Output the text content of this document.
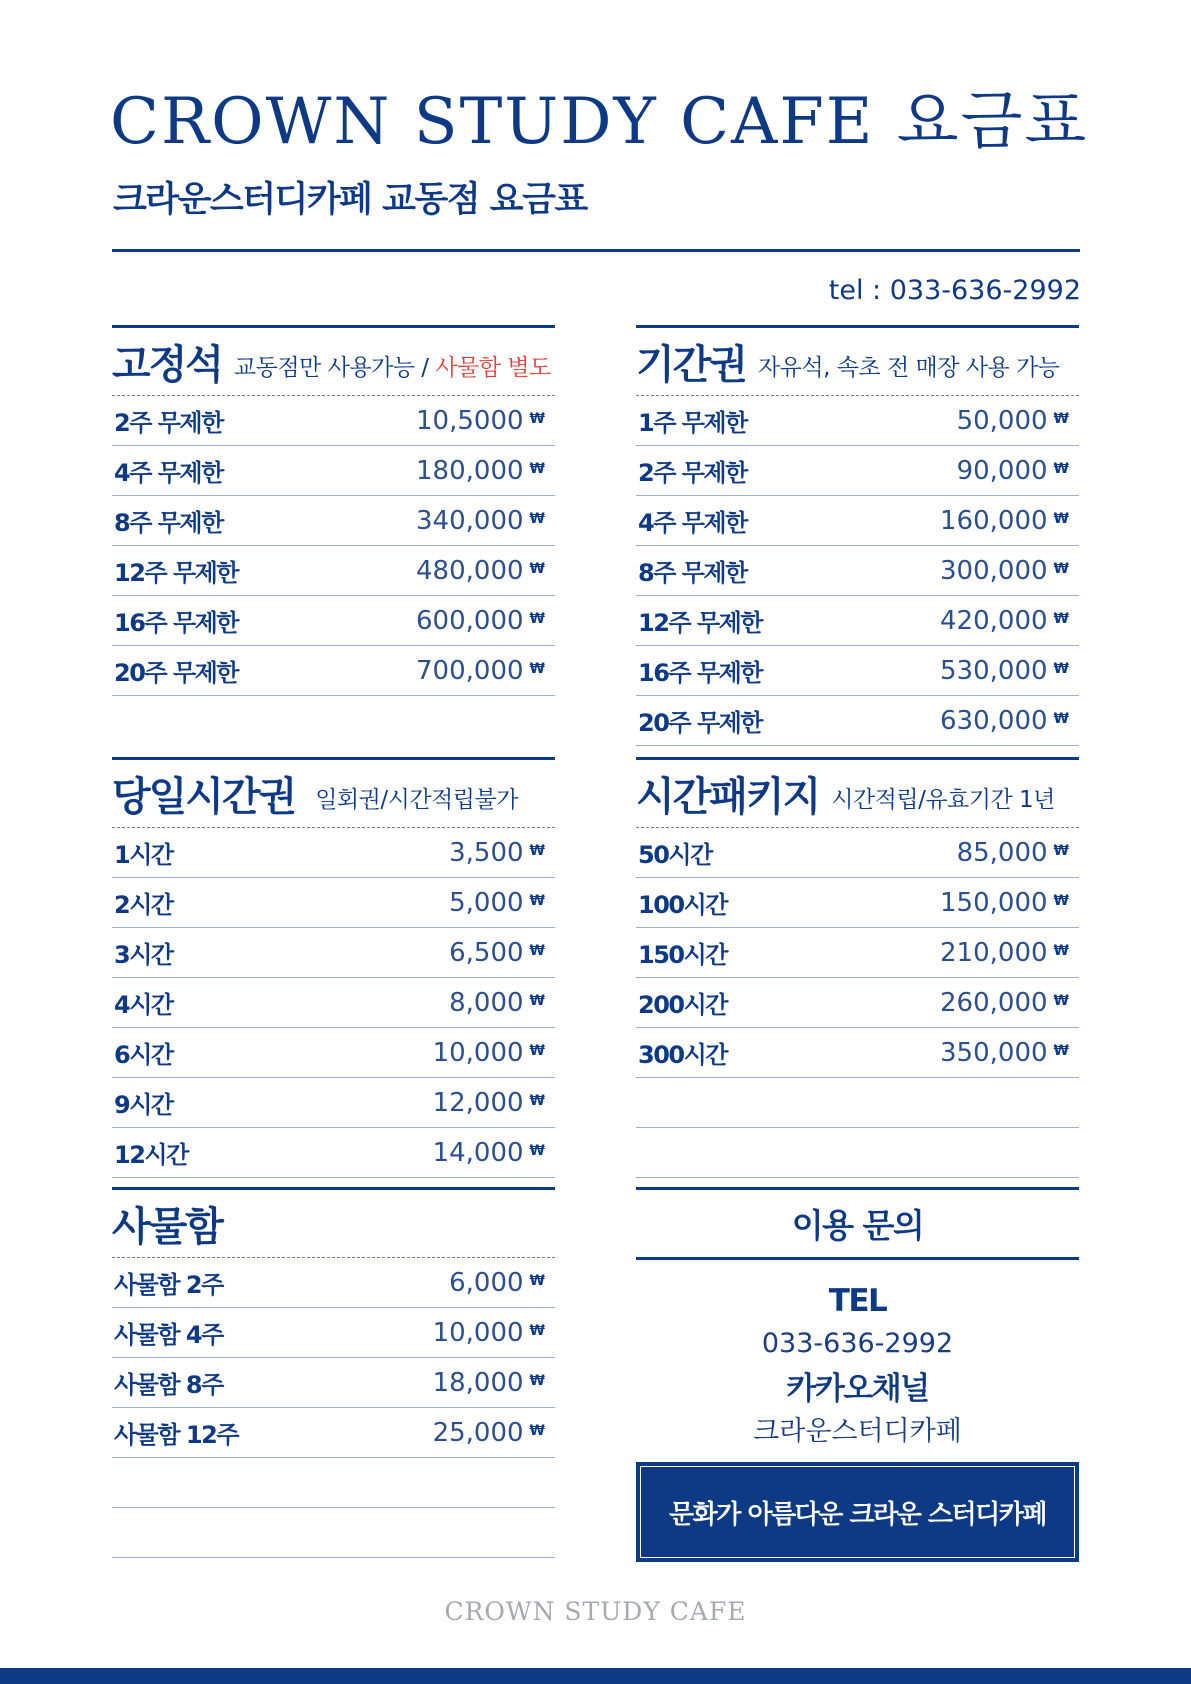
CROWN STUDY CAFE 요금표
크라운스터디카페 교동점 요금표
tel : 033-636-2992
고정석 교동점만 사용가능 / 사물함 별도
2주 무제한	10,5000 ₩
4주 무제한	180,000 ₩
8주 무제한	340,000 ₩
12주 무제한	480,000 ₩
16주 무제한	600,000 ₩
20주 무제한	700,000 ₩
기간권 자유석, 속초 전 매장 사용 가능
1주 무제한	50,000 ₩
2주 무제한	90,000 ₩
4주 무제한	160,000 ₩
8주 무제한	300,000 ₩
12주 무제한	420,000 ₩
16주 무제한	530,000 ₩
20주 무제한	630,000 ₩
당일시간권 일회권/시간적립불가
1시간	3,500 ₩
2시간	5,000 ₩
3시간	6,500 ₩
4시간	8,000 ₩
6시간	10,000 ₩
9시간	12,000 ₩
12시간	14,000 ₩
시간패키지 시간적립/유효기간 1년
50시간	85,000 ₩
100시간	150,000 ₩
150시간	210,000 ₩
200시간	260,000 ₩
300시간	350,000 ₩
사물함
사물함 2주	6,000 ₩
사물함 4주	10,000 ₩
사물함 8주	18,000 ₩
사물함 12주	25,000 ₩
이용 문의
TEL
033-636-2992
카카오채널
크라운스터디카페
문화가 아름다운 크라운 스터디카페
CROWN STUDY CAFE
